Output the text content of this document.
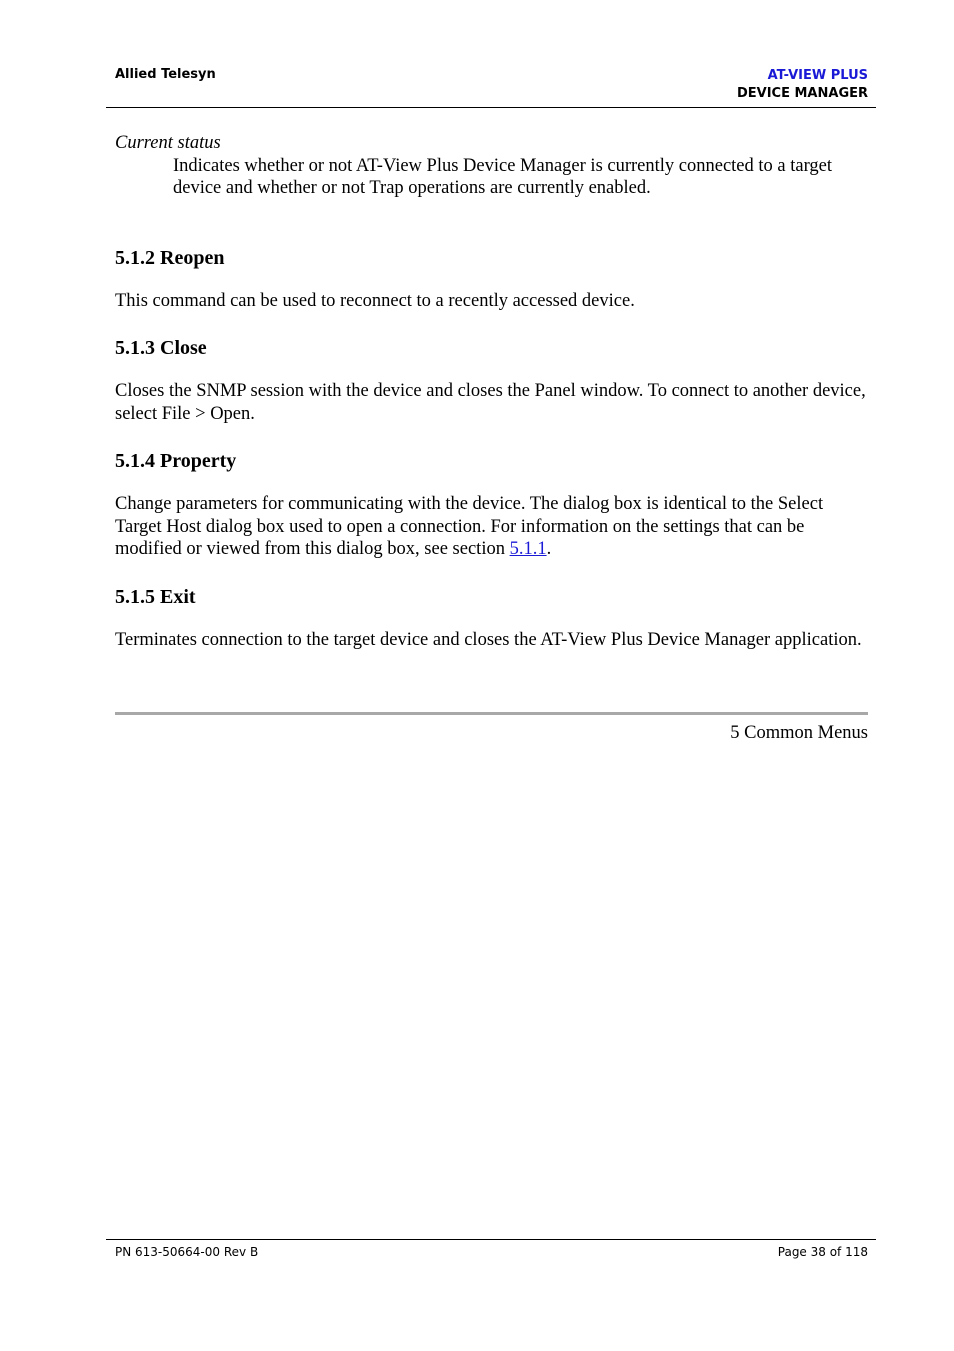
Allied Telesyn	AT-VIEW PLUS
DEVICE MANAGER

Current status

Indicates whether or not AT-View Plus Device Manager is currently connected to a target device and whether or not Trap operations are currently enabled.

5.1.2 Reopen

This command can be used to reconnect to a recently accessed device.

5.1.3 Close

Closes the SNMP session with the device and closes the Panel window. To connect to another device, select File > Open.

5.1.4 Property

Change parameters for communicating with the device. The dialog box is identical to the Select Target Host dialog box used to open a connection. For information on the settings that can be modified or viewed from this dialog box, see section 5.1.1.

5.1.5 Exit

Terminates connection to the target device and closes the AT-View Plus Device Manager application.

5 Common Menus
PN 613-50664-00 Rev B	Page 38 of 118
